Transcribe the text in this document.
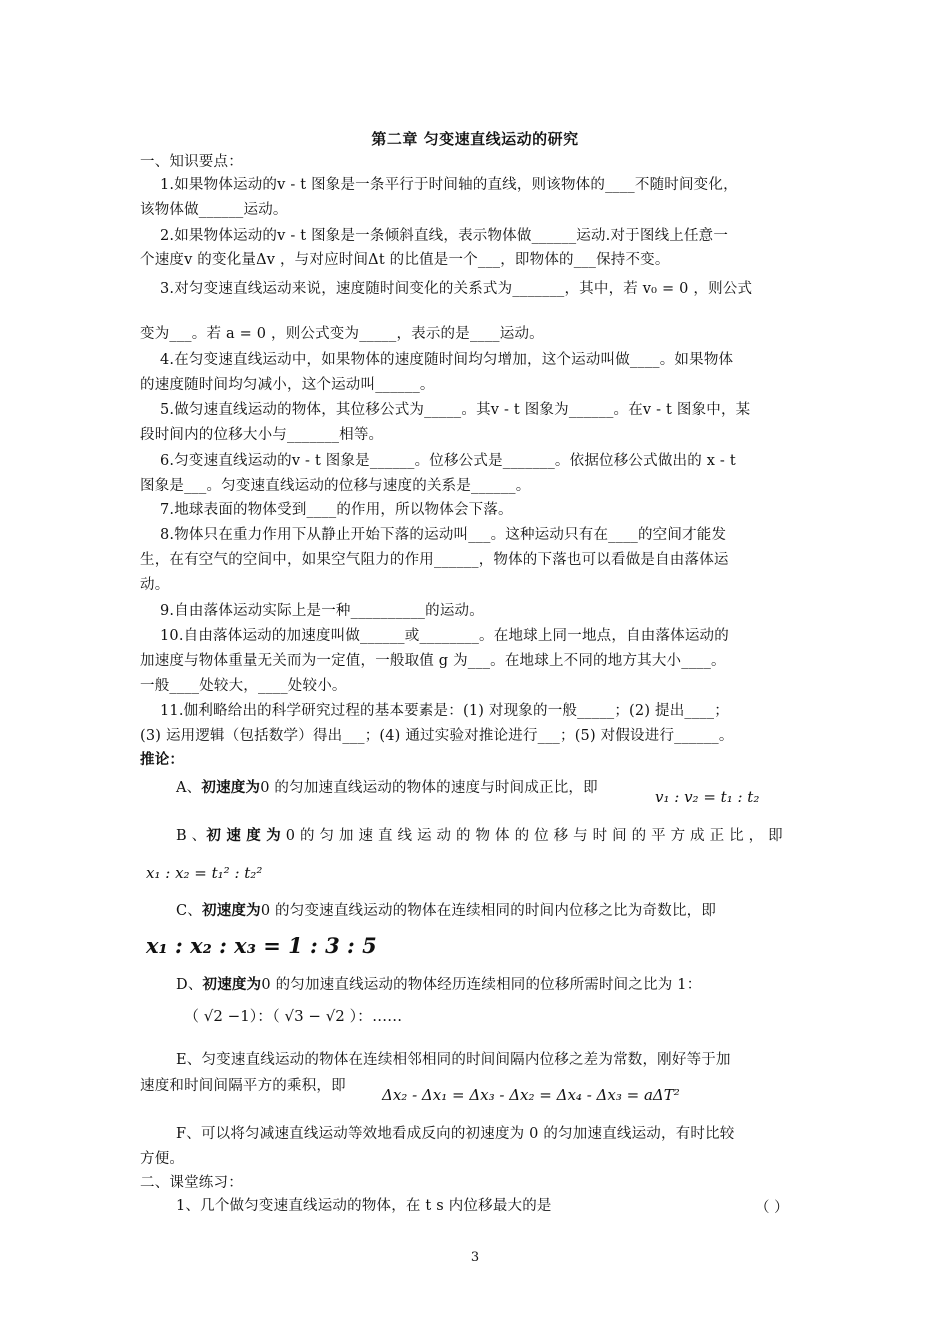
第二章 匀变速直线运动的研究
一、知识要点：
1.如果物体运动的v - t 图象是一条平行于时间轴的直线，则该物体的____不随时间变化，
该物体做______运动。
2.如果物体运动的v - t 图象是一条倾斜直线，表示物体做______运动.对于图线上任意一
个速度v 的变化量Δv ，与对应时间Δt 的比值是一个___，即物体的___保持不变。
3.对匀变速直线运动来说，速度随时间变化的关系式为_______，其中，若 v₀ = 0 ，则公式
变为___。若 a = 0 ，则公式变为_____，表示的是____运动。
4.在匀变速直线运动中，如果物体的速度随时间均匀增加，这个运动叫做____。如果物体
的速度随时间均匀减小，这个运动叫______。
5.做匀速直线运动的物体，其位移公式为_____。其v - t 图象为______。在v - t 图象中，某
段时间内的位移大小与_______相等。
6.匀变速直线运动的v - t 图象是______。位移公式是_______。依据位移公式做出的 x - t
图象是___。匀变速直线运动的位移与速度的关系是______。
7.地球表面的物体受到____的作用，所以物体会下落。
8.物体只在重力作用下从静止开始下落的运动叫___。这种运动只有在____的空间才能发
生，在有空气的空间中，如果空气阻力的作用______，物体的下落也可以看做是自由落体运
动。
9.自由落体运动实际上是一种__________的运动。
10.自由落体运动的加速度叫做______或________。在地球上同一地点，自由落体运动的
加速度与物体重量无关而为一定值，一般取值 g 为___。在地球上不同的地方其大小____。
一般____处较大，____处较小。
11.伽利略给出的科学研究过程的基本要素是：(1) 对现象的一般_____；(2) 提出____；
(3) 运用逻辑（包括数学）得出___；(4) 通过实验对推论进行___；(5) 对假设进行______。
推论：
A、初速度为0 的匀加速直线运动的物体的速度与时间成正比，即	v₁ : v₂ = t₁ : t₂
B 、初 速 度 为 0 的 匀 加 速 直 线 运 动 的 物 体 的 位 移 与 时 间 的 平 方 成 正 比 ， 即
x₁ : x₂ = t₁² : t₂²
C、初速度为0 的匀变速直线运动的物体在连续相同的时间内位移之比为奇数比，即
x₁ : x₂ : x₃ = 1 : 3 : 5
D、初速度为0 的匀加速直线运动的物体经历连续相同的位移所需时间之比为 1：
（ √2 −1）：（ √3 − √2 ）：……
E、匀变速直线运动的物体在连续相邻相同的时间间隔内位移之差为常数，刚好等于加
速度和时间间隔平方的乘积，即	Δx₂ - Δx₁ = Δx₃ - Δx₂ = Δx₄ - Δx₃ = aΔT²
F、可以将匀减速直线运动等效地看成反向的初速度为 0 的匀加速直线运动，有时比较
方便。
二、课堂练习：
1、几个做匀变速直线运动的物体，在 t s 内位移最大的是	（ ）
3
